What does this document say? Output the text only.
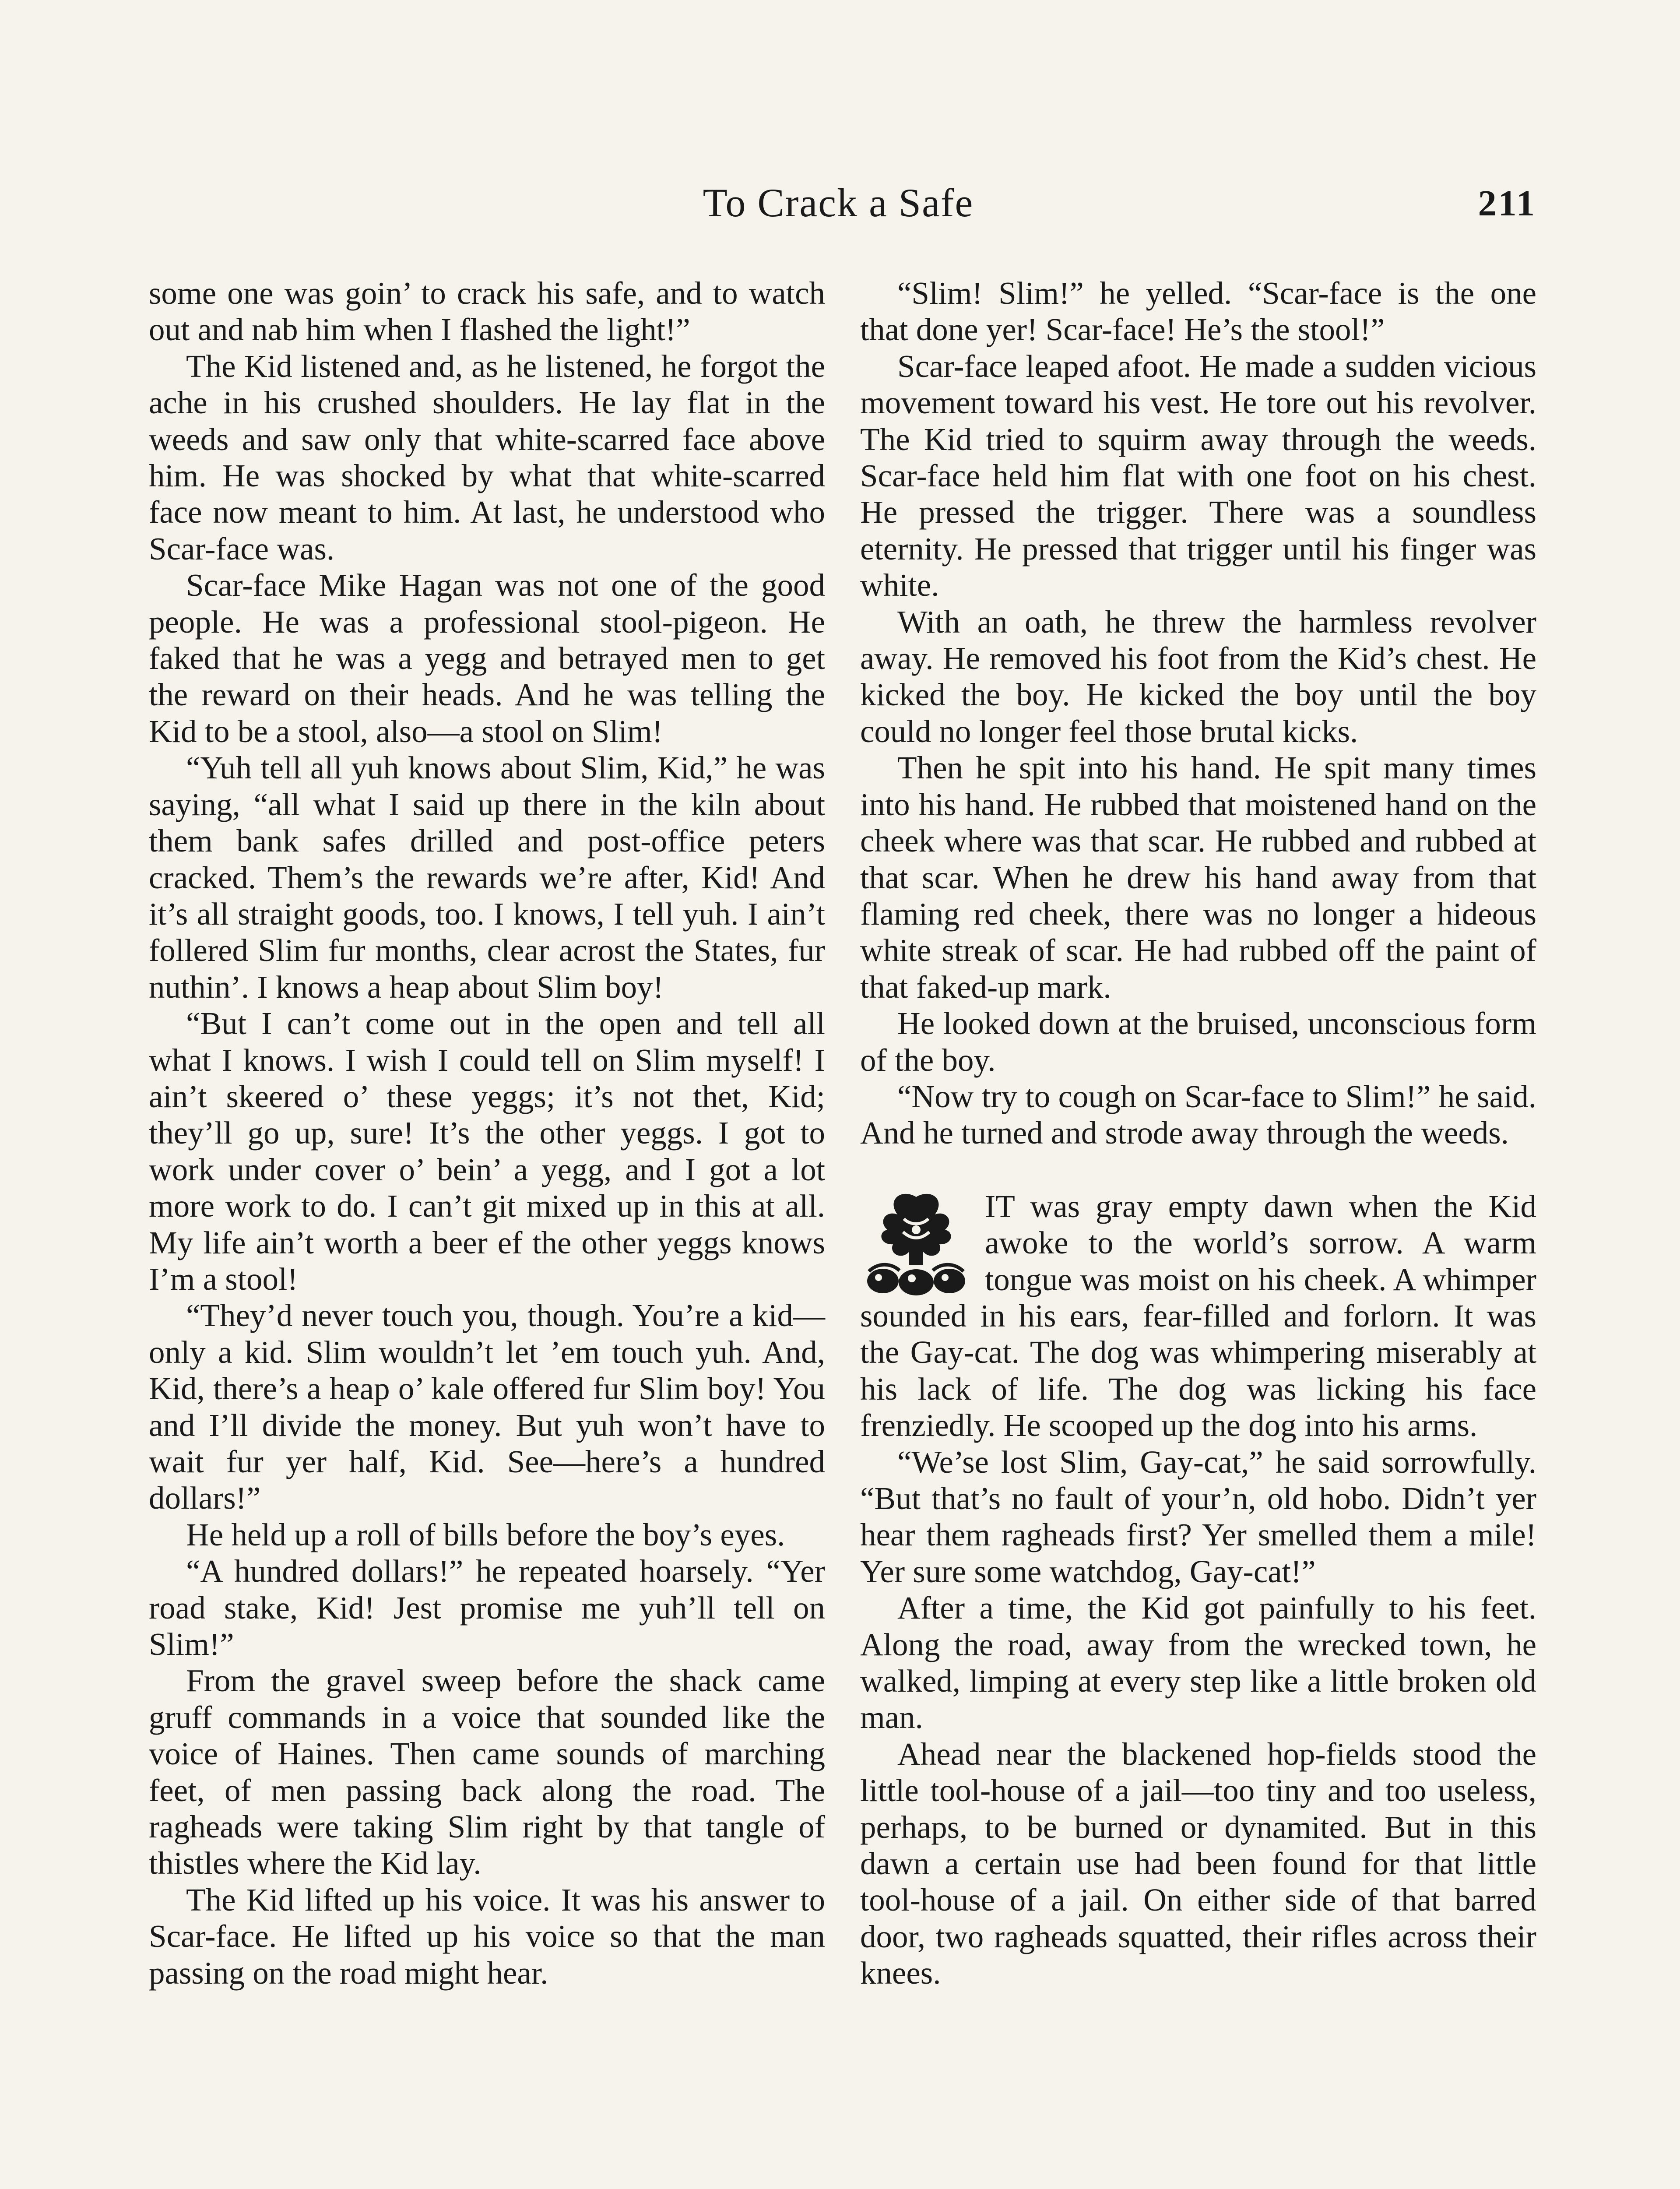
To Crack a Safe	211

some one was goin’ to crack his safe, and to watch out and nab him when I flashed the light!”

The Kid listened and, as he listened, he forgot the ache in his crushed shoulders. He lay flat in the weeds and saw only that white-scarred face above him. He was shocked by what that white-scarred face now meant to him. At last, he understood who Scar-face was.

Scar-face Mike Hagan was not one of the good people. He was a professional stool-pigeon. He faked that he was a yegg and betrayed men to get the reward on their heads. And he was telling the Kid to be a stool, also—a stool on Slim!

“Yuh tell all yuh knows about Slim, Kid,” he was saying, “all what I said up there in the kiln about them bank safes drilled and post-office peters cracked. Them’s the rewards we’re after, Kid! And it’s all straight goods, too. I knows, I tell yuh. I ain’t follered Slim fur months, clear acrost the States, fur nuthin’. I knows a heap about Slim boy!

“But I can’t come out in the open and tell all what I knows. I wish I could tell on Slim myself! I ain’t skeered o’ these yeggs; it’s not thet, Kid; they’ll go up, sure! It’s the other yeggs. I got to work under cover o’ bein’ a yegg, and I got a lot more work to do. I can’t git mixed up in this at all. My life ain’t worth a beer ef the other yeggs knows I’m a stool!

“They’d never touch you, though. You’re a kid—only a kid. Slim wouldn’t let ’em touch yuh. And, Kid, there’s a heap o’ kale offered fur Slim boy! You and I’ll divide the money. But yuh won’t have to wait fur yer half, Kid. See—here’s a hundred dollars!”

He held up a roll of bills before the boy’s eyes.

“A hundred dollars!” he repeated hoarsely. “Yer road stake, Kid! Jest promise me yuh’ll tell on Slim!”

From the gravel sweep before the shack came gruff commands in a voice that sounded like the voice of Haines. Then came sounds of marching feet, of men passing back along the road. The ragheads were taking Slim right by that tangle of thistles where the Kid lay.

The Kid lifted up his voice. It was his answer to Scar-face. He lifted up his voice so that the man passing on the road might hear.

“Slim! Slim!” he yelled. “Scar-face is the one that done yer! Scar-face! He’s the stool!”

Scar-face leaped afoot. He made a sudden vicious movement toward his vest. He tore out his revolver. The Kid tried to squirm away through the weeds. Scar-face held him flat with one foot on his chest. He pressed the trigger. There was a soundless eternity. He pressed that trigger until his finger was white.

With an oath, he threw the harmless revolver away. He removed his foot from the Kid’s chest. He kicked the boy. He kicked the boy until the boy could no longer feel those brutal kicks.

Then he spit into his hand. He spit many times into his hand. He rubbed that moistened hand on the cheek where was that scar. He rubbed and rubbed at that scar. When he drew his hand away from that flaming red cheek, there was no longer a hideous white streak of scar. He had rubbed off the paint of that faked-up mark.

He looked down at the bruised, unconscious form of the boy.

“Now try to cough on Scar-face to Slim!” he said. And he turned and strode away through the weeds.

IT was gray empty dawn when the Kid awoke to the world’s sorrow. A warm tongue was moist on his cheek. A whimper sounded in his ears, fear-filled and forlorn. It was the Gay-cat. The dog was whimpering miserably at his lack of life. The dog was licking his face frenziedly. He scooped up the dog into his arms.

“We’se lost Slim, Gay-cat,” he said sorrowfully. “But that’s no fault of your’n, old hobo. Didn’t yer hear them ragheads first? Yer smelled them a mile! Yer sure some watchdog, Gay-cat!”

After a time, the Kid got painfully to his feet. Along the road, away from the wrecked town, he walked, limping at every step like a little broken old man.

Ahead near the blackened hop-fields stood the little tool-house of a jail—too tiny and too useless, perhaps, to be burned or dynamited. But in this dawn a certain use had been found for that little tool-house of a jail. On either side of that barred door, two ragheads squatted, their rifles across their knees.
